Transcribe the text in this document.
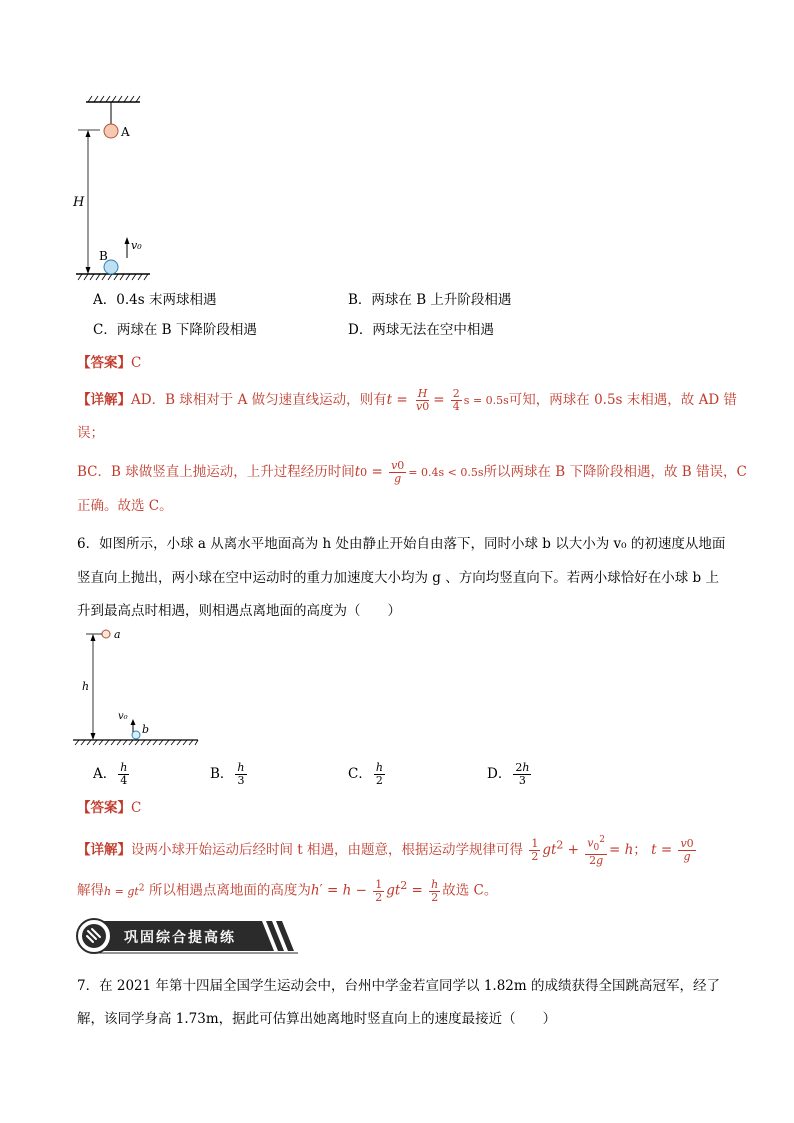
A
B
H
v₀
A．0.4s 末两球相遇	B．两球在 B 上升阶段相遇
C．两球在 B 下降阶段相遇	D．两球无法在空中相遇
【答案】C
【详解】AD．B 球相对于 A 做匀速直线运动，则有$t = \frac{H}{v0} = \frac{2}{4}$ s = 0.5s可知，两球在 0.5s 末相遇，故 AD 错
误；
BC．B 球做竖直上抛运动，上升过程经历时间$t0 = \frac{v0}{g} = 0.4s < 0.5s$所以两球在 B 下降阶段相遇，故 B 错误，C
正确。故选 C。
6．如图所示，小球 a 从离水平地面高为 h 处由静止开始自由落下，同时小球 b 以大小为 v₀ 的初速度从地面
竖直向上抛出，两小球在空中运动时的重力加速度大小均为 g 、方向均竖直向下。若两小球恰好在小球 b 上
升到最高点时相遇，则相遇点离地面的高度为（　　）
a
b
h
v₀
A． $\frac{h}{4}$	B． $\frac{h}{3}$	C． $\frac{h}{2}$	D． $\frac{2h}{3}$
【答案】C
【详解】设两小球开始运动后经时间 t 相遇，由题意，根据运动学规律可得 $\frac{1}{2} gt^2 + \frac{v_0^2}{2g} = h$； $t = \frac{v0}{g}$
解得$h = gt^2$ 所以相遇点离地面的高度为$h' = h - \frac{1}{2} gt^2 = \frac{h}{2}$ 故选 C。
巩固综合提高练
7．在 2021 年第十四届全国学生运动会中，台州中学金若宣同学以 1.82m 的成绩获得全国跳高冠军，经了
解，该同学身高 1.73m，据此可估算出她离地时竖直向上的速度最接近（　　）
